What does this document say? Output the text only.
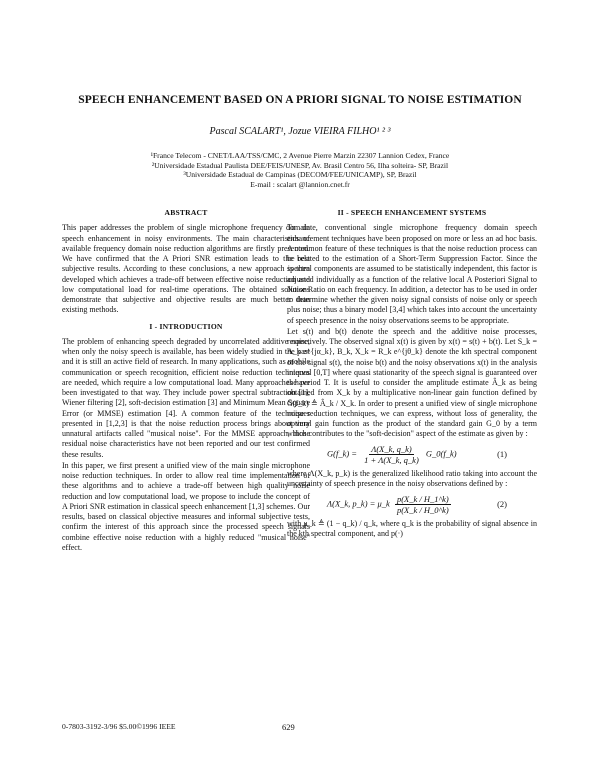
SPEECH ENHANCEMENT BASED ON A PRIORI SIGNAL TO NOISE ESTIMATION
Pascal SCALART¹, Jozue VIEIRA FILHO¹ ² ³
¹France Telecom - CNET/LAA/TSS/CMC, 2 Avenue Pierre Marzin 22307 Lannion Cedex, France
²Universidade Estadual Paulista DEE/FEIS/UNESP, Av. Brasil Centro 56, Ilha solteira- SP, Brazil
³Universidade Estadual de Campinas (DECOM/FEE/UNICAMP), SP, Brazil
E-mail : scalart @lannion.cnet.fr
ABSTRACT

This paper addresses the problem of single microphone frequency domain speech enhancement in noisy environments. The main characteristics of available frequency domain noise reduction algorithms are firstly presented. We have confirmed that the A Priori SNR estimation leads to the best subjective results. According to these conclusions, a new approach is then developed which achieves a trade-off between effective noise reduction and low computational load for real-time operations. The obtained solutions demonstrate that subjective and objective results are much better than existing methods.

I - INTRODUCTION

The problem of enhancing speech degraded by uncorrelated additive noise, when only the noisy speech is available, has been widely studied in the past and it is still an active field of research. In many applications, such as mobile communication or speech recognition, efficient noise reduction techniques are needed, which require a low computational load. Many approaches have been investigated to that way. They include power spectral subtraction [1], Wiener filtering [2], soft-decision estimation [3] and Minimum Mean Square Error (or MMSE) estimation [4]. A common feature of the techniques presented in [1,2,3] is that the noise reduction process brings about very unnatural artifacts called "musical noise". For the MMSE approach, those residual noise characteristics have not been reported and our test confirmed these results.

In this paper, we first present a unified view of the main single microphone noise reduction techniques. In order to allow real time implementation of these algorithms and to achieve a trade-off between high quality noise reduction and low computational load, we propose to include the concept of A Priori SNR estimation in classical speech enhancement [1,3] schemes. Our results, based on classical objective measures and informal subjective tests, confirm the interest of this approach since the processed speech signals combine effective noise reduction with a highly reduced "musical noise" effect.

II - SPEECH ENHANCEMENT SYSTEMS

To date, conventional single microphone frequency domain speech enhancement techniques have been proposed on more or less an ad hoc basis. A common feature of these techniques is that the noise reduction process can be related to the estimation of a Short-Term Suppression Factor. Since the spectral components are assumed to be statistically independent, this factor is adjusted individually as a function of the relative local A Posteriori Signal to Noise Ratio on each frequency. In addition, a detector has to be used in order to determine whether the given noisy signal consists of noise only or speech plus noise; thus a binary model [3,4] which takes into account the uncertainty of speech presence in the noisy observations seems to be appropriate.

Let s(t) and b(t) denote the speech and the additive noise processes, respectively. The observed signal x(t) is given by x(t) = s(t) + b(t). Let S_k = A_k e^{jα_k}, B_k, X_k = R_k e^{jθ_k} denote the kth spectral component of the signal s(t), the noise b(t) and the noisy observations x(t) in the analysis interval [0,T] where quasi stationarity of the speech signal is guaranteed over the period T. It is useful to consider the amplitude estimate Â_k as being obtained from X_k by a multiplicative non-linear gain function defined by G(f_k) ≜ Â_k / X_k. In order to present a unified view of single microphone noise reduction techniques, we can express, without loss of generality, the optimal gain function as the product of the standard gain G_0 by a term which contributes to the "soft-decision" aspect of the estimate as given by :

G(f_k) = $\frac{\Lambda(X\_k, q\_k)}{1 + \Lambda(X\_k, q\_k)}$ G_0(f_k)	(1)

where Λ(X_k, p_k) is the generalized likelihood ratio taking into account the uncertainty of speech presence in the noisy observations defined by :

Λ(X_k, p_k) = μ_k $\frac{p(X\_k / H\_1\^{}k)}{p(X\_k / H\_0\^{}k)}$	(2)

with μ_k ≜ (1 − q_k) / q_k, where q_k is the probability of signal absence in the kth spectral component, and p(·)

0-7803-3192-3/96 $5.00©1996 IEEE	629
